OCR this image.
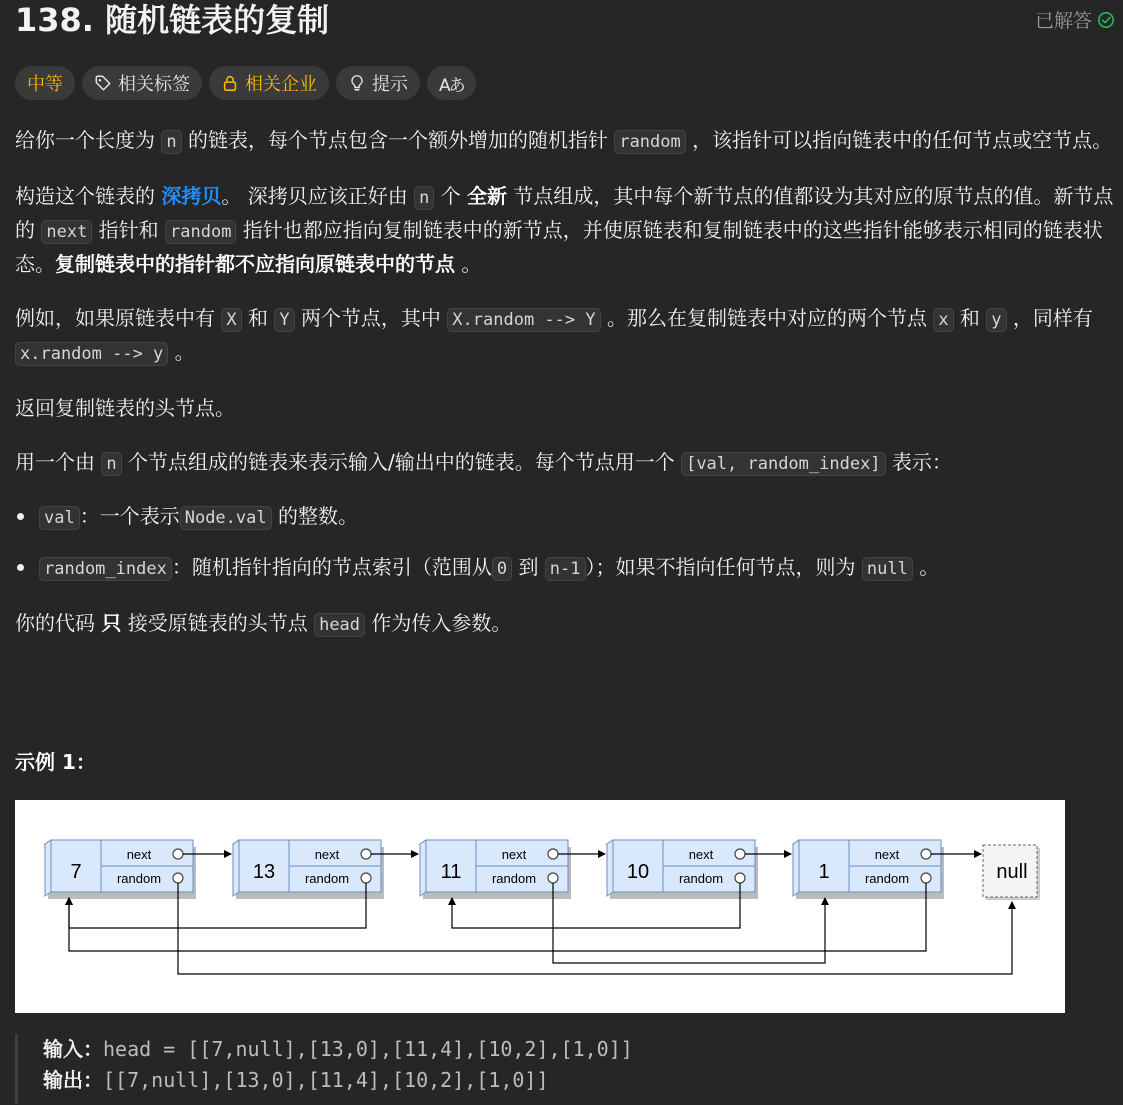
138. 随机链表的复制	已解答
中等	相关标签	相关企业	提示 Aあ

给你一个长度为 n 的链表，每个节点包含一个额外增加的随机指针 random ，该指针可以指向链表中的任何节点或空节点。

构造这个链表的 深拷贝。 深拷贝应该正好由 n 个 全新 节点组成，其中每个新节点的值都设为其对应的原节点的值。新节点的 next 指针和 random 指针也都应指向复制链表中的新节点，并使原链表和复制链表中的这些指针能够表示相同的链表状态。复制链表中的指针都不应指向原链表中的节点 。

例如，如果原链表中有 X 和 Y 两个节点，其中 X.random --> Y 。那么在复制链表中对应的两个节点 x 和 y ，同样有 x.random --> y 。

返回复制链表的头节点。

用一个由 n 个节点组成的链表来表示输入/输出中的链表。每个节点用一个 [val, random_index] 表示：

val ：一个表示 Node.val 的整数。
random_index ：随机指针指向的节点索引（范围从 0 到 n-1 ）；如果不指向任何节点，则为 null 。

你的代码 只 接受原链表的头节点 head 作为传入参数。

示例 1：
7
next
random	13
next
random	11
next
random	10
next
random	1
next
random	null
输入：head = [[7,null],[13,0],[11,4],[10,2],[1,0]]
输出：[[7,null],[13,0],[11,4],[10,2],[1,0]]
